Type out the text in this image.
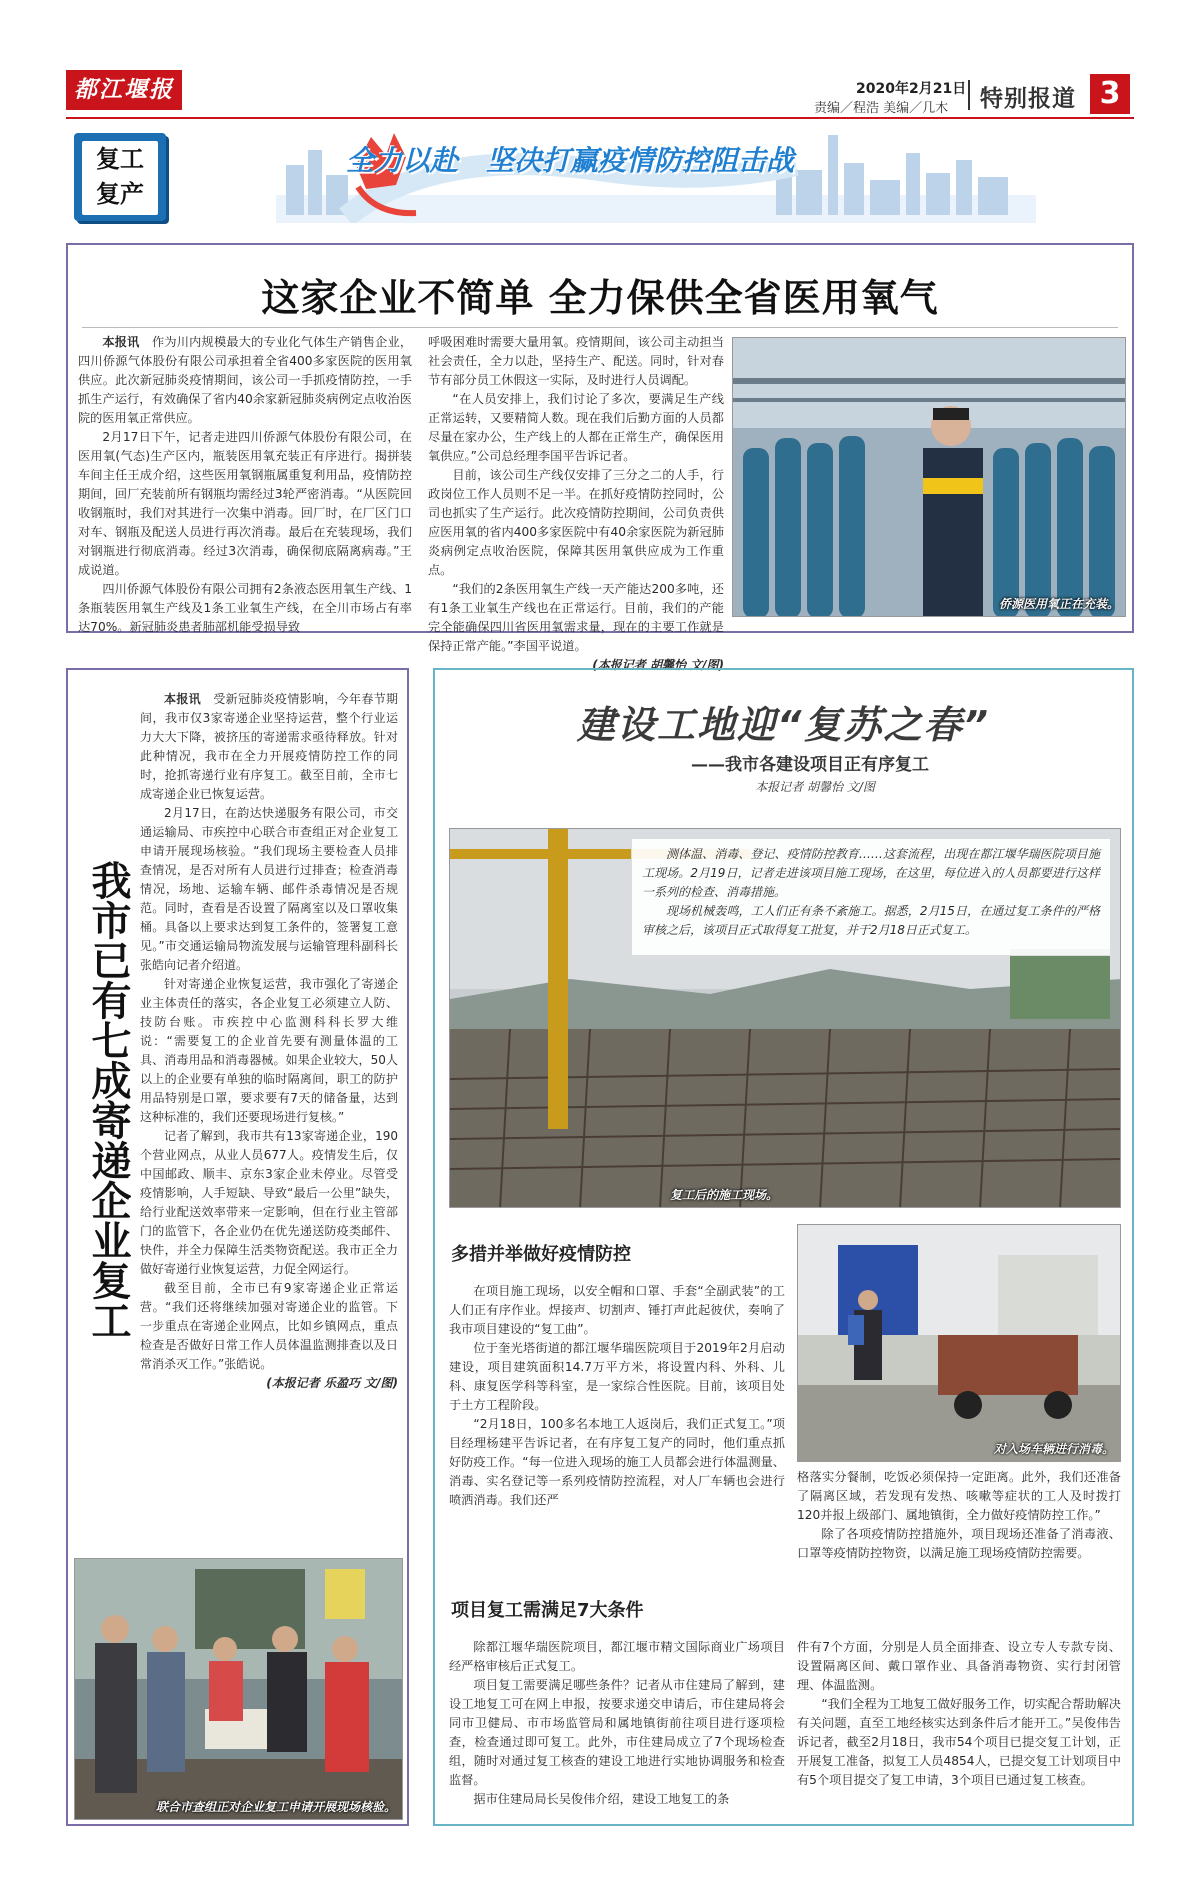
都江堰报	2020年2月21日
责编／程浩 美编／几木	特别报道 3
复工
复产
全力以赴　坚决打赢疫情防控阻击战
这家企业不简单 全力保供全省医用氧气

本报讯　 作为川内规模最大的专业化气体生产销售企业，四川侨源气体股份有限公司承担着全省400多家医院的医用氧供应。此次新冠肺炎疫情期间，该公司一手抓疫情防控，一手抓生产运行，有效确保了省内40余家新冠肺炎病例定点收治医院的医用氧正常供应。

2月17日下午，记者走进四川侨源气体股份有限公司，在医用氧(气态)生产区内，瓶装医用氧充装正有序进行。揭拼装车间主任王成介绍，这些医用氧钢瓶属重复利用品，疫情防控期间，回厂充装前所有钢瓶均需经过3轮严密消毒。“从医院回收钢瓶时，我们对其进行一次集中消毒。回厂时，在厂区门口对车、钢瓶及配送人员进行再次消毒。最后在充装现场，我们对钢瓶进行彻底消毒。经过3次消毒，确保彻底隔离病毒。”王成说道。

四川侨源气体股份有限公司拥有2条液态医用氧生产线、1条瓶装医用氧生产线及1条工业氧生产线，在全川市场占有率达70%。新冠肺炎患者肺部机能受损导致

呼吸困难时需要大量用氧。疫情期间，该公司主动担当社会责任，全力以赴，坚持生产、配送。同时，针对春节有部分员工休假这一实际，及时进行人员调配。

“在人员安排上，我们讨论了多次，要满足生产线正常运转，又要精简人数。现在我们后勤方面的人员都尽量在家办公，生产线上的人都在正常生产，确保医用氧供应。”公司总经理李国平告诉记者。

目前，该公司生产线仅安排了三分之二的人手，行政岗位工作人员则不足一半。在抓好疫情防控同时，公司也抓实了生产运行。此次疫情防控期间，公司负责供应医用氧的省内400多家医院中有40余家医院为新冠肺炎病例定点收治医院，保障其医用氧供应成为工作重点。

“我们的2条医用氧生产线一天产能达200多吨，还有1条工业氧生产线也在正常运行。目前，我们的产能完全能确保四川省医用氧需求量，现在的主要工作就是保持正常产能。”李国平说道。

(本报记者 胡馨怡 文/图)
侨源医用氧正在充装。
我市已有七成寄递企业复工

本报讯　 受新冠肺炎疫情影响，今年春节期间，我市仅3家寄递企业坚持运营，整个行业运力大大下降，被挤压的寄递需求亟待释放。针对此种情况，我市在全力开展疫情防控工作的同时，抢抓寄递行业有序复工。截至目前，全市七成寄递企业已恢复运营。

2月17日，在韵达快递服务有限公司，市交通运输局、市疾控中心联合市查组正对企业复工申请开展现场核验。“我们现场主要检查人员排查情况，是否对所有人员进行过排查；检查消毒情况，场地、运输车辆、邮件杀毒情况是否规范。同时，查看是否设置了隔离室以及口罩收集桶。具备以上要求达到复工条件的，签署复工意见。”市交通运输局物流发展与运输管理科副科长张皓向记者介绍道。

针对寄递企业恢复运营，我市强化了寄递企业主体责任的落实，各企业复工必须建立人防、技防台账。市疾控中心监测科科长罗大维说：“需要复工的企业首先要有测量体温的工具、消毒用品和消毒器械。如果企业较大，50人以上的企业要有单独的临时隔离间，职工的防护用品特别是口罩，要求要有7天的储备量，达到这种标准的，我们还要现场进行复核。”

记者了解到，我市共有13家寄递企业，190个营业网点，从业人员677人。疫情发生后，仅中国邮政、顺丰、京东3家企业未停业。尽管受疫情影响，人手短缺、导致“最后一公里”缺失，给行业配送效率带来一定影响，但在行业主管部门的监管下，各企业仍在优先递送防疫类邮件、快件，并全力保障生活类物资配送。我市正全力做好寄递行业恢复运营，力促全网运行。

截至目前，全市已有9家寄递企业正常运营。“我们还将继续加强对寄递企业的监管。下一步重点在寄递企业网点，比如乡镇网点，重点检查是否做好日常工作人员体温监测排查以及日常消杀灭工作。”张皓说。

(本报记者 乐盈巧 文/图)
联合市查组正对企业复工申请开展现场核验。
建设工地迎“复苏之春”
——我市各建设项目正有序复工
本报记者 胡馨怡 文/图
复工后的施工现场。

测体温、消毒、登记、疫情防控教育……这套流程，出现在都江堰华瑞医院项目施工现场。2月19日，记者走进该项目施工现场，在这里，每位进入的人员都要进行这样一系列的检查、消毒措施。

现场机械轰鸣，工人们正有条不紊施工。据悉，2月15日，在通过复工条件的严格审核之后，该项目正式取得复工批复，并于2月18日正式复工。

对入场车辆进行消毒。
多措并举做好疫情防控

在项目施工现场，以安全帽和口罩、手套“全副武装”的工人们正有序作业。焊接声、切割声、锤打声此起彼伏，奏响了我市项目建设的“复工曲”。

位于奎光塔街道的都江堰华瑞医院项目于2019年2月启动建设，项目建筑面积14.7万平方米，将设置内科、外科、儿科、康复医学科等科室，是一家综合性医院。目前，该项目处于土方工程阶段。

“2月18日，100多名本地工人返岗后，我们正式复工。”项目经理杨建平告诉记者，在有序复工复产的同时，他们重点抓好防疫工作。“每一位进入现场的施工人员都会进行体温测量、消毒、实名登记等一系列疫情防控流程，对人厂车辆也会进行喷洒消毒。我们还严

格落实分餐制，吃饭必须保持一定距离。此外，我们还准备了隔离区域，若发现有发热、咳嗽等症状的工人及时拨打120并报上级部门、属地镇街，全力做好疫情防控工作。”

除了各项疫情防控措施外，项目现场还准备了消毒液、口罩等疫情防控物资，以满足施工现场疫情防控需要。

项目复工需满足7大条件

除都江堰华瑞医院项目，都江堰市精文国际商业广场项目经严格审核后正式复工。

项目复工需要满足哪些条件？记者从市住建局了解到，建设工地复工可在网上申报，按要求递交申请后，市住建局将会同市卫健局、市市场监管局和属地镇街前往项目进行逐项检查，检查通过即可复工。此外，市住建局成立了7个现场检查组，随时对通过复工核查的建设工地进行实地协调服务和检查监督。

据市住建局局长吴俊伟介绍，建设工地复工的条

件有7个方面，分别是人员全面排查、设立专人专款专岗、设置隔离区间、戴口罩作业、具备消毒物资、实行封闭管理、体温监测。

“我们全程为工地复工做好服务工作，切实配合帮助解决有关问题，直至工地经核实达到条件后才能开工。”吴俊伟告诉记者，截至2月18日，我市54个项目已提交复工计划，正开展复工准备，拟复工人员4854人，已提交复工计划项目中有5个项目提交了复工申请，3个项目已通过复工核查。
